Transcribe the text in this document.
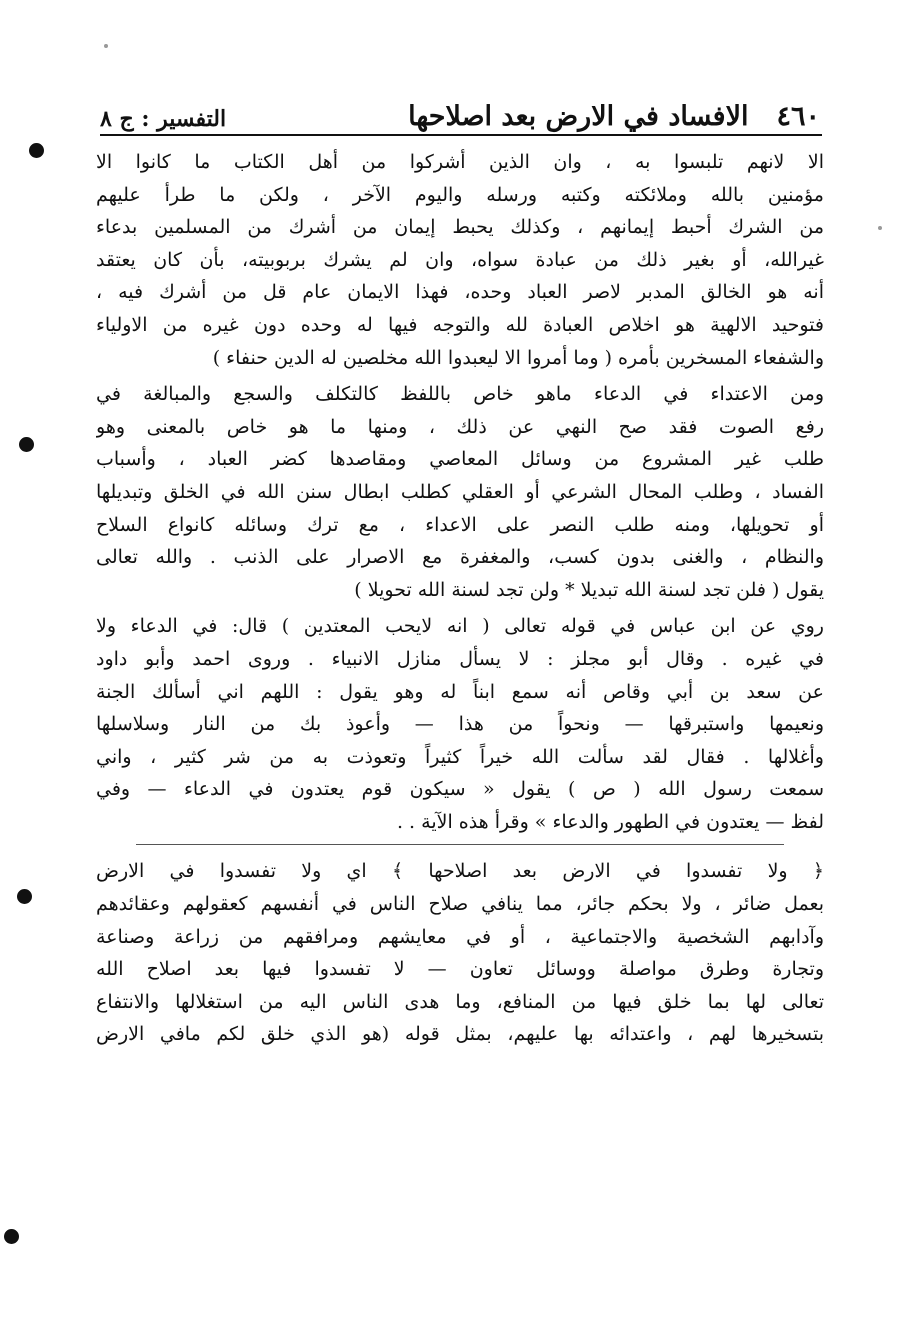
٤٦٠
الافساد في الارض بعد اصلاحها
التفسير : ج ٨
الا لانهم تلبسوا به ، وان الذين أشركوا من أهل الكتاب ما كانوا الا
مؤمنين بالله وملائكته وكتبه ورسله واليوم الآخر ، ولكن ما طرأ عليهم
من الشرك أحبط إيمانهم ، وكذلك يحبط إيمان من أشرك من المسلمين بدعاء
غيرالله، أو بغير ذلك من عبادة سواه، وان لم يشرك بربوبيته، بأن كان يعتقد
أنه هو الخالق المدبر لاصر العباد وحده، فهذا الايمان عام قل من أشرك فيه ،
فتوحيد الالهية هو اخلاص العبادة لله والتوجه فيها له وحده دون غيره من الاولياء
والشفعاء المسخرين بأمره ( وما أمروا الا ليعبدوا الله مخلصين له الدين حنفاء )
ومن الاعتداء في الدعاء ماهو خاص باللفظ كالتكلف والسجع والمبالغة في
رفع الصوت فقد صح النهي عن ذلك ، ومنها ما هو خاص بالمعنى وهو
طلب غير المشروع من وسائل المعاصي ومقاصدها كضر العباد ، وأسباب
الفساد ، وطلب المحال الشرعي أو العقلي كطلب ابطال سنن الله في الخلق وتبديلها
أو تحويلها، ومنه طلب النصر على الاعداء ، مع ترك وسائله كانواع السلاح
والنظام ، والغنى بدون كسب، والمغفرة مع الاصرار على الذنب . والله تعالى
يقول ( فلن تجد لسنة الله تبديلا * ولن تجد لسنة الله تحويلا )
روي عن ابن عباس في قوله تعالى ( انه لايحب المعتدين ) قال: في الدعاء ولا
في غيره . وقال أبو مجلز : لا يسأل منازل الانبياء . وروى احمد وأبو داود
عن سعد بن أبي وقاص أنه سمع ابناً له وهو يقول : اللهم اني أسألك الجنة
ونعيمها واستبرقها — ونحواً من هذا — وأعوذ بك من النار وسلاسلها
وأغلالها . فقال لقد سألت الله خيراً كثيراً وتعوذت به من شر كثير ، واني
سمعت رسول الله ( ص ) يقول « سيكون قوم يعتدون في الدعاء — وفي
لفظ — يعتدون في الطهور والدعاء » وقرأ هذه الآية . .
﴿ ولا تفسدوا في الارض بعد اصلاحها ﴾ اي ولا تفسدوا في الارض
بعمل ضائر ، ولا بحكم جائر، مما ينافي صلاح الناس في أنفسهم كعقولهم وعقائدهم
وآدابهم الشخصية والاجتماعية ، أو في معايشهم ومرافقهم من زراعة وصناعة
وتجارة وطرق مواصلة ووسائل تعاون — لا تفسدوا فيها بعد اصلاح الله
تعالى لها بما خلق فيها من المنافع، وما هدى الناس اليه من استغلالها والانتفاع
بتسخيرها لهم ، واعتدائه بها عليهم، بمثل قوله (هو الذي خلق لكم مافي الارض
